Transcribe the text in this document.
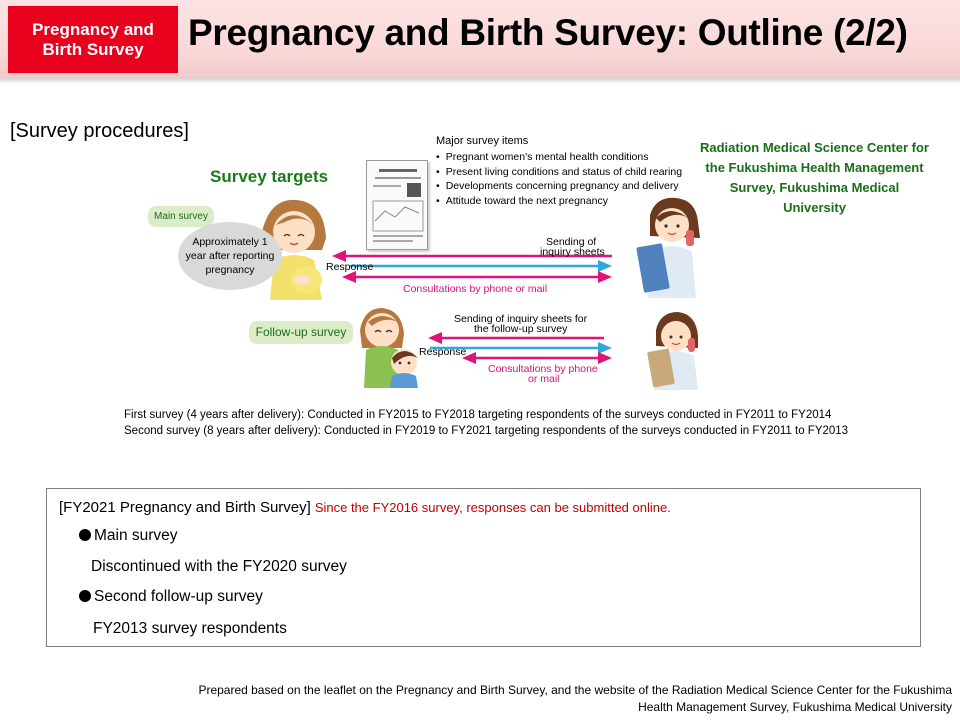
Pregnancy and Birth Survey	Pregnancy and Birth Survey: Outline (2/2)
[Survey procedures]
Survey targets
Major survey items
• Pregnant women's mental health conditions
• Present living conditions and status of child rearing
• Developments concerning pregnancy and delivery
• Attitude toward the next pregnancy
Radiation Medical Science Center for the Fukushima Health Management Survey, Fukushima Medical University
Main survey
Approximately 1 year after reporting pregnancy
Sending of
inquiry sheets
Response
Consultations by phone or mail
Follow-up survey
Sending of inquiry sheets for
the follow-up survey
Response
Consultations by phone
or mail
First survey (4 years after delivery): Conducted in FY2015 to FY2018 targeting respondents of the surveys conducted in FY2011 to FY2014
Second survey (8 years after delivery): Conducted in FY2019 to FY2021 targeting respondents of the surveys conducted in FY2011 to FY2013
[FY2021 Pregnancy and Birth Survey] Since the FY2016 survey, responses can be submitted online.
Main survey
Discontinued with the FY2020 survey
Second follow-up survey
FY2013 survey respondents
Prepared based on the leaflet on the Pregnancy and Birth Survey, and the website of the Radiation Medical Science Center for the Fukushima
Health Management Survey, Fukushima Medical University
